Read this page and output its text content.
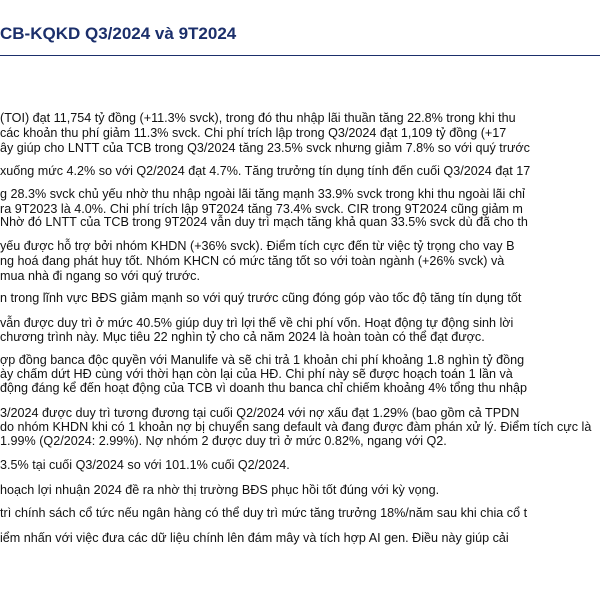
CB-KQKD Q3/2024 và 9T2024

(TOI) đạt 11,754 tỷ đồng (+11.3% svck), trong đó thu nhập lãi thuần tăng 22.8% trong khi thu

các khoản thu phí giảm 11.3% svck. Chi phí trích lập trong Q3/2024 đạt 1,109 tỷ đồng (+17

ây giúp cho LNTT của TCB trong Q3/2024 tăng 23.5% svck nhưng giảm 7.8% so với quý trước

xuống mức 4.2% so với Q2/2024 đạt 4.7%. Tăng trưởng tín dụng tính đến cuối Q3/2024 đạt 17

g 28.3% svck chủ yếu nhờ thu nhập ngoài lãi tăng mạnh 33.9% svck trong khi thu ngoài lãi chỉ

ra 9T2023 là 4.0%. Chi phí trích lập 9T2024 tăng 73.4% svck. CIR trong 9T2024 cũng giảm m

Nhờ đó LNTT của TCB trong 9T2024 vẫn duy trì mạch tăng khả quan 33.5% svck dù đã cho th

yếu được hỗ trợ bởi nhóm KHDN (+36% svck). Điểm tích cực đến từ việc tỷ trọng cho vay B

ng hoá đang phát huy tốt. Nhóm KHCN có mức tăng tốt so với toàn ngành (+26% svck) và

mua nhà đi ngang so với quý trước.

n trong lĩnh vực BĐS giảm mạnh so với quý trước cũng đóng góp vào tốc độ tăng tín dụng tốt

vẫn được duy trì ở mức 40.5% giúp duy trì lợi thế về chi phí vốn. Hoạt động tự động sinh lời

chương trình này. Mục tiêu 22 nghìn tỷ cho cả năm 2024 là hoàn toàn có thể đạt được.

ợp đồng banca độc quyền với Manulife và sẽ chi trả 1 khoản chi phí khoảng 1.8 nghìn tỷ đồng

ày chấm dứt HĐ cùng với thời hạn còn lại của HĐ. Chi phí này sẽ được hoạch toán 1 lần và

động đáng kể đến hoạt động của TCB vì doanh thu banca chỉ chiếm khoảng 4% tổng thu nhập

3/2024 được duy trì tương đương tại cuối Q2/2024 với nợ xấu đạt 1.29% (bao gồm cả TPDN

do nhóm KHDN khi có 1 khoản nợ bị chuyển sang default và đang được đàm phán xử lý. Điểm tích cực là

1.99% (Q2/2024: 2.99%). Nợ nhóm 2 được duy trì ở mức 0.82%, ngang với Q2.

3.5% tại cuối Q3/2024 so với 101.1% cuối Q2/2024.

hoạch lợi nhuận 2024 đề ra nhờ thị trường BĐS phục hồi tốt đúng với kỳ vọng.

trì chính sách cổ tức nếu ngân hàng có thể duy trì mức tăng trưởng 18%/năm sau khi chia cổ t

iểm nhấn với việc đưa các dữ liệu chính lên đám mây và tích hợp AI gen. Điều này giúp cải
